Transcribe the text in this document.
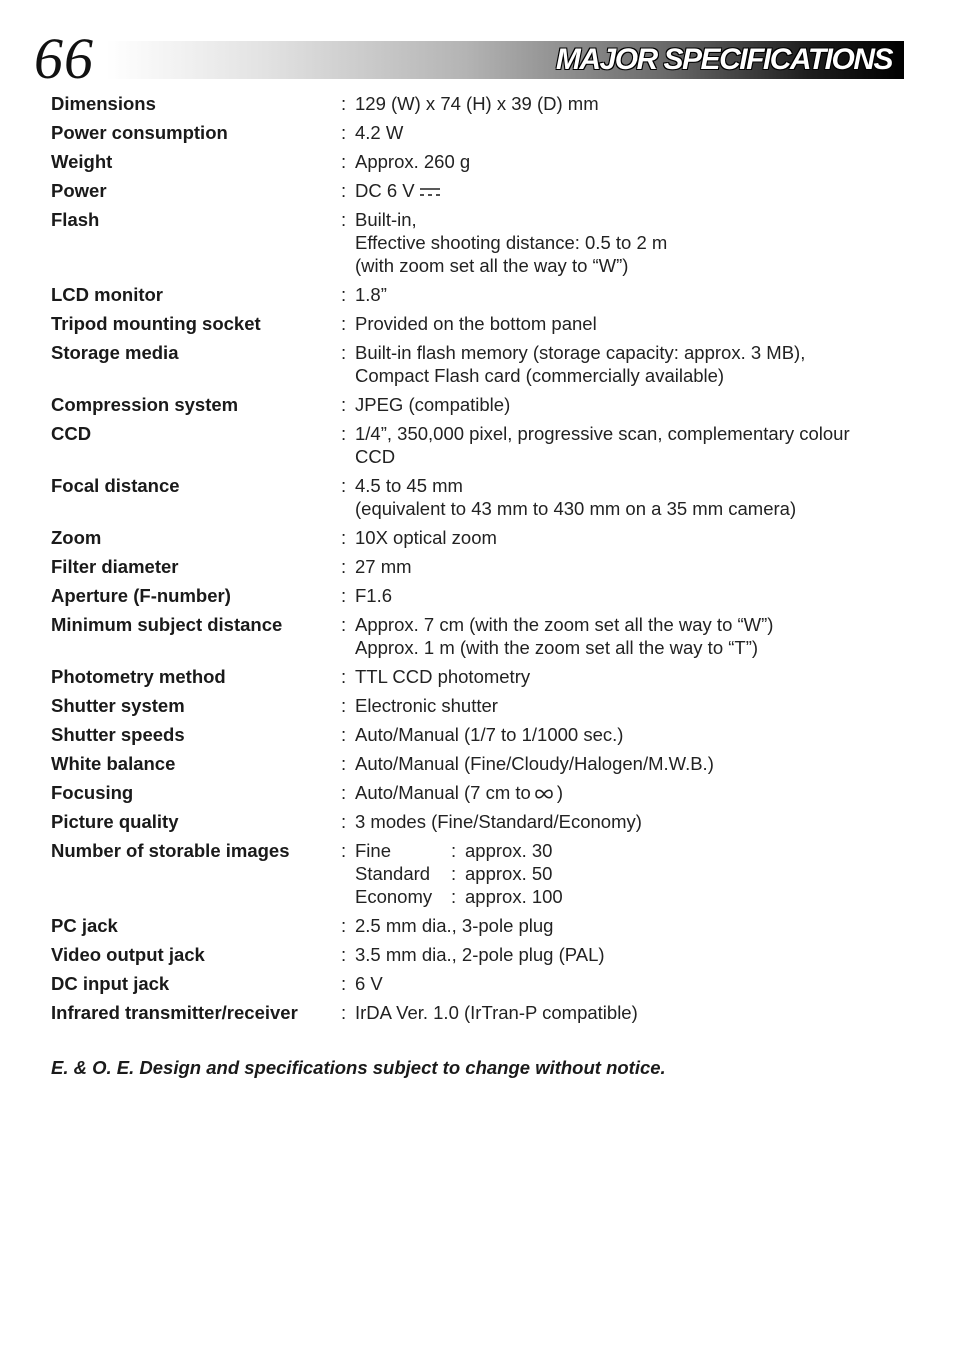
66	MAJOR SPECIFICATIONS
Dimensions	: 129 (W) x 74 (H) x 39 (D) mm
Power consumption	: 4.2 W
Weight	: Approx. 260 g
Power	: DC 6 V
Flash	: Built-in,
Effective shooting distance: 0.5 to 2 m
(with zoom set all the way to “W”)
LCD monitor	: 1.8”
Tripod mounting socket	: Provided on the bottom panel
Storage media	: Built-in flash memory (storage capacity: approx. 3 MB),
Compact Flash card (commercially available)
Compression system	: JPEG (compatible)
CCD	: 1/4”, 350,000 pixel, progressive scan, complementary colour
CCD
Focal distance	: 4.5 to 45 mm
(equivalent to 43 mm to 430 mm on a 35 mm camera)
Zoom	: 10X optical zoom
Filter diameter	: 27 mm
Aperture (F-number)	: F1.6
Minimum subject distance	: Approx. 7 cm (with the zoom set all the way to “W”)
Approx. 1 m (with the zoom set all the way to “T”)
Photometry method	: TTL CCD photometry
Shutter system	: Electronic shutter
Shutter speeds	: Auto/Manual (1/7 to 1/1000 sec.)
White balance	: Auto/Manual (Fine/Cloudy/Halogen/M.W.B.)
Focusing	: Auto/Manual (7 cm to )
Picture quality	: 3 modes (Fine/Standard/Economy)
Number of storable images	: Fine	: approx. 30
Standard	: approx. 50
Economy	: approx. 100
PC jack	: 2.5 mm dia., 3-pole plug
Video output jack	: 3.5 mm dia., 2-pole plug (PAL)
DC input jack	: 6 V
Infrared transmitter/receiver	: IrDA Ver. 1.0 (IrTran-P compatible)
E. & O. E. Design and specifications subject to change without notice.
